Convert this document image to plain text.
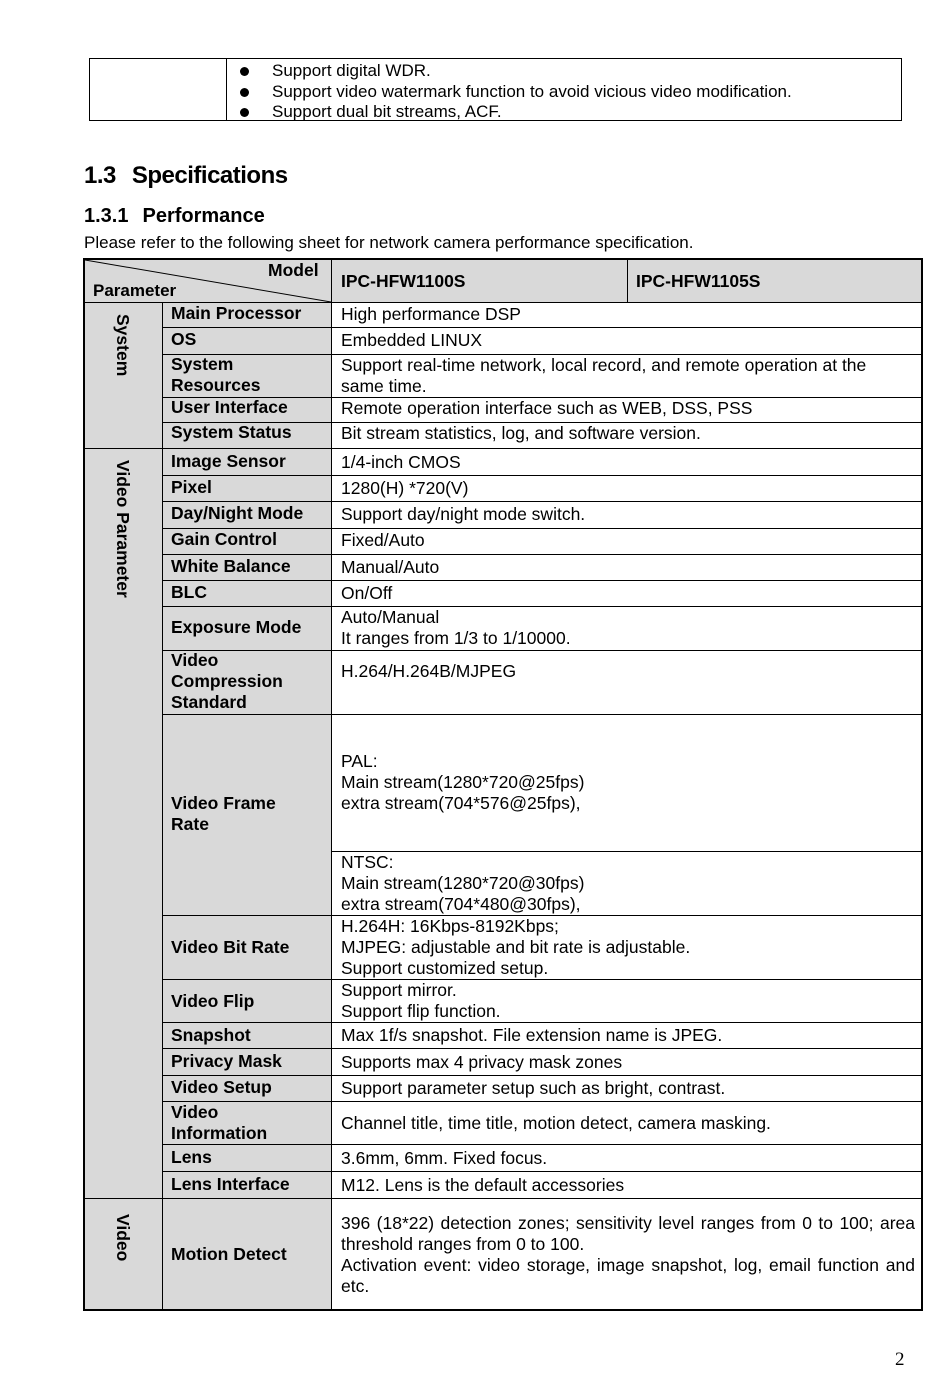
Support digital WDR.
Support video watermark function to avoid vicious video modification.
Support dual bit streams, ACF.
1.3 Specifications
1.3.1 Performance

Please refer to the following sheet for network camera performance specification.

Model
Parameter	IPC-HFW1100S	IPC-HFW1105S
System
Video Parameter
Video
Main Processor
OS
System Resources
User Interface
System Status
Image Sensor
Pixel
Day/Night Mode
Gain Control
White Balance
BLC
Exposure Mode
Video Compression Standard
Video Frame Rate
Video Bit Rate
Video Flip
Snapshot
Privacy Mask
Video Setup
Video Information
Lens
Lens Interface
Motion Detect
High performance DSP
Embedded LINUX
Support real-time network, local record, and remote operation at the same time.
Remote operation interface such as WEB, DSS, PSS
Bit stream statistics, log, and software version.
1/4-inch CMOS
1280(H) *720(V)
Support day/night mode switch.
Fixed/Auto
Manual/Auto
On/Off
Auto/Manual
It ranges from 1/3 to 1/10000.
H.264/H.264B/MJPEG
PAL:
Main stream(1280*720@25fps)
extra stream(704*576@25fps),
NTSC:
Main stream(1280*720@30fps)
extra stream(704*480@30fps),
H.264H: 16Kbps-8192Kbps;
MJPEG: adjustable and bit rate is adjustable.
Support customized setup.
Support mirror.
Support flip function.
Max 1f/s snapshot. File extension name is JPEG.
Supports max 4 privacy mask zones
Support parameter setup such as bright, contrast.
Channel title, time title, motion detect, camera masking.
3.6mm, 6mm. Fixed focus.
M12. Lens is the default accessories
396 (18*22) detection zones; sensitivity level ranges from 0 to 100; area threshold ranges from 0 to 100.
Activation event: video storage, image snapshot, log, email function and etc.
2
